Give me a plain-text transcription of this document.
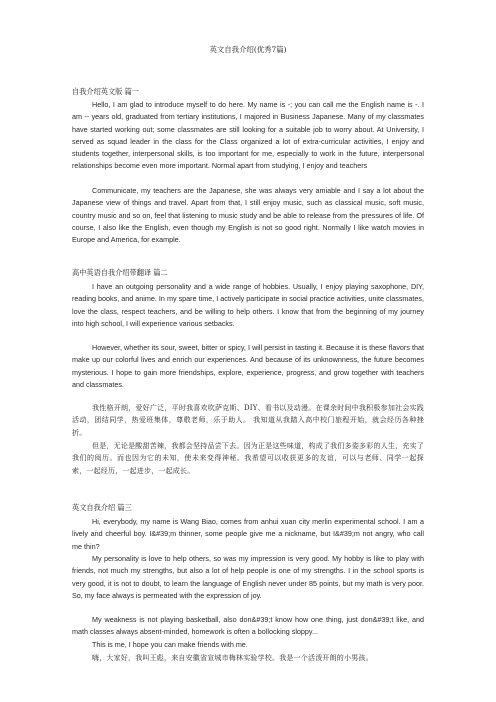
英文自我介绍(优秀7篇)
自我介绍英文版 篇一
Hello, I am glad to introduce myself to do here. My name is -; you can call me the English name is -. I am -- years old, graduated from tertiary institutions, I majored in Business Japanese. Many of my classmates have started working out; some classmates are still looking for a suitable job to worry about. At University, I served as squad leader in the class for the Class organized a lot of extra-curricular activities, I enjoy and students together, interpersonal skills, is too important for me, especially to work in the future, interpersonal relationships become even more important. Normal apart from studying, I enjoy and teachers
Communicate, my teachers are the Japanese, she was always very amiable and I say a lot about the Japanese view of things and travel. Apart from that, I still enjoy music, such as classical music, soft music, country music and so on, feel that listening to music study and be able to release from the pressures of life. Of course, I also like the English, even though my English is not so good right. Normally I like watch movies in Europe and America, for example.
高中英语自我介绍带翻译 篇二
I have an outgoing personality and a wide range of hobbies. Usually, I enjoy playing saxophone, DIY, reading books, and anime. In my spare time, I actively participate in social practice activities, unite classmates, love the class, respect teachers, and be willing to help others. I know that from the beginning of my journey into high school, I will experience various setbacks.
However, whether its sour, sweet, bitter or spicy, I will persist in tasting it. Because it is these flavors that make up our colorful lives and enrich our experiences. And because of its unknownness, the future becomes mysterious. I hope to gain more friendships, explore, experience, progress, and grow together with teachers and classmates.
我性格开朗，爱好广泛，平时我喜欢吹萨克斯、DIY、看书以及动漫。在课余时间中我积极参加社会实践活动，团结同学，热爱班集体，尊敬老师，乐于助人。 我知道从我踏入高中校门旅程开始，就会经历各种挫折。
但是，无论是酸甜苦辣，我都会坚持品尝下去。因为正是这些味道，构成了我们多姿多彩的人生，充实了我们的阅历。而也因为它的未知，使未来变得神秘。我希望可以收获更多的友谊，可以与老师、同学一起探索，一起经历，一起进步，一起成长。
英文自我介绍 篇三
Hi, everybody, my name is Wang Biao, comes from anhui xuan city merlin experimental school. I am a lively and cheerful boy. I&#39;m thinner, some people give me a nickname, but I&#39;m not angry, who call me thin?
My personality is love to help others, so was my impression is very good. My hobby is like to play with friends, not much my strengths, but also a lot of help people is one of my strengths. I in the school sports is very good, it is not to doubt, to learn the language of English never under 85 points, but my math is very poor. So, my face always is permeated with the expression of joy.
My weakness is not playing basketball, also don&#39;t know how one thing, just don&#39;t like, and math classes always absent-minded, homework is often a bollocking sloppy...
This is me, I hope you can make friends with me.
嗨，大家好，我叫王彪，来自安徽省宣城市梅林实验学校。我是一个活泼开朗的小男孩。
